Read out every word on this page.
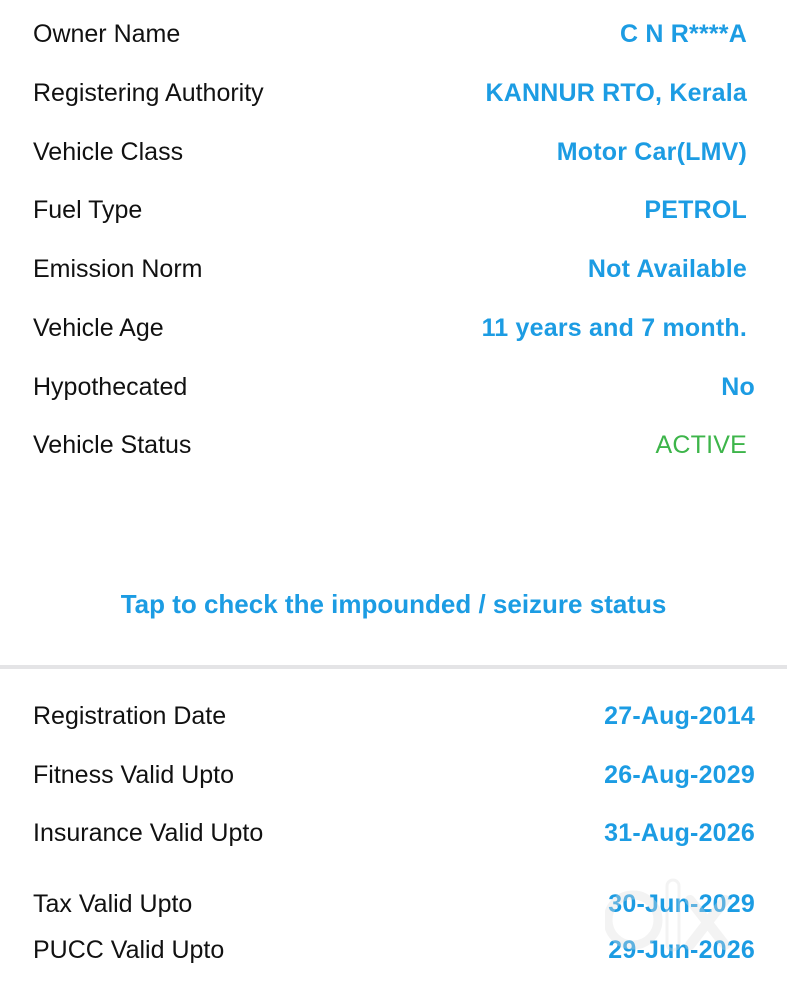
Owner Name	C N R****A
Registering Authority	KANNUR RTO, Kerala
Vehicle Class	Motor Car(LMV)
Fuel Type	PETROL
Emission Norm	Not Available
Vehicle Age	11 years and 7 month.
Hypothecated	No
Vehicle Status	ACTIVE
Tap to check the impounded / seizure status
Registration Date	27-Aug-2014
Fitness Valid Upto	26-Aug-2029
Insurance Valid Upto	31-Aug-2026
Tax Valid Upto	30-Jun-2029
PUCC Valid Upto	29-Jun-2026
